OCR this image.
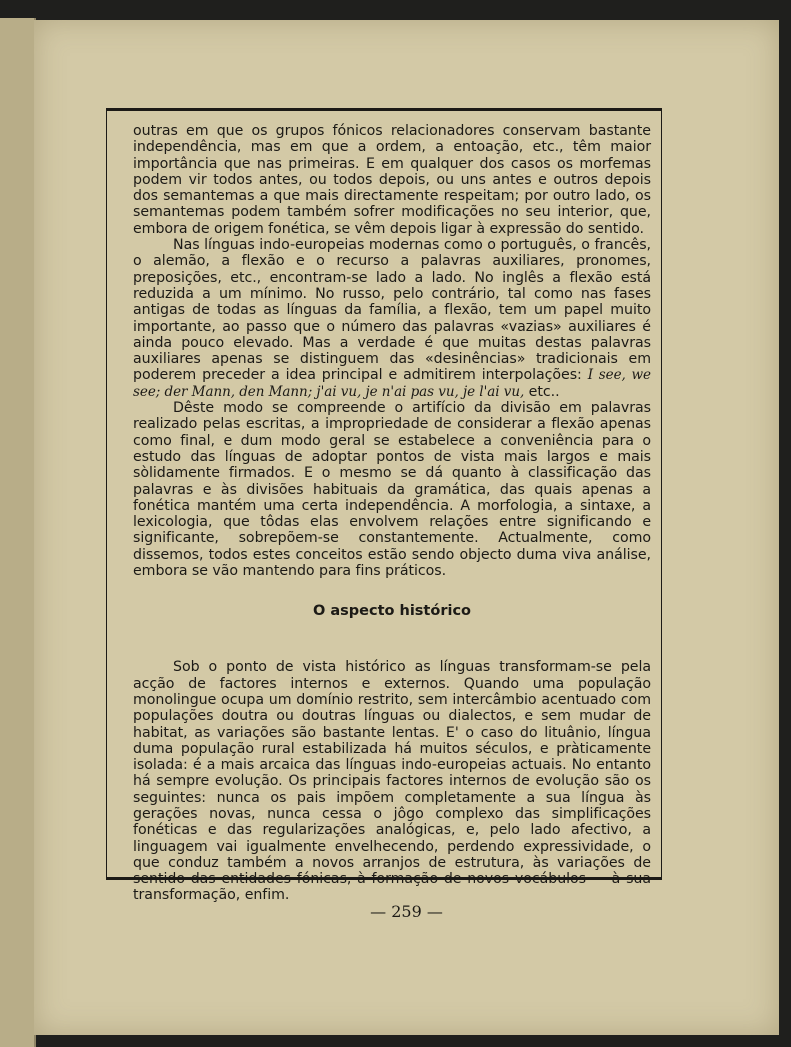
outras em que os grupos fónicos relacionadores conservam bastante independência, mas em que a ordem, a entoação, etc., têm maior importância que nas primeiras. E em qualquer dos casos os morfemas podem vir todos antes, ou todos depois, ou uns antes e outros depois dos semantemas a que mais directamente respeitam; por outro lado, os semantemas podem também sofrer modificações no seu interior, que, embora de origem fonética, se vêm depois ligar à expressão do sentido.

Nas línguas indo-europeias modernas como o português, o francês, o alemão, a flexão e o recurso a palavras auxiliares, pronomes, preposições, etc., encontram-se lado a lado. No inglês a flexão está reduzida a um mínimo. No russo, pelo contrário, tal como nas fases antigas de todas as línguas da família, a flexão, tem um papel muito importante, ao passo que o número das palavras «vazias» auxiliares é ainda pouco elevado. Mas a verdade é que muitas destas palavras auxiliares apenas se distinguem das «desinências» tradicionais em poderem preceder a idea principal e admitirem interpolações: I see, we see; der Mann, den Mann; j'ai vu, je n'ai pas vu, je l'ai vu, etc..

Dêste modo se compreende o artifício da divisão em palavras realizado pelas escritas, a impropriedade de considerar a flexão apenas como final, e dum modo geral se estabelece a conveniência para o estudo das línguas de adoptar pontos de vista mais largos e mais sòlidamente firmados. E o mesmo se dá quanto à classificação das palavras e às divisões habituais da gramática, das quais apenas a fonética mantém uma certa independência. A morfologia, a sintaxe, a lexicologia, que tôdas elas envolvem relações entre significando e significante, sobrepõem-se constantemente. Actualmente, como dissemos, todos estes conceitos estão sendo objecto duma viva análise, embora se vão mantendo para fins práticos.

O aspecto histórico

Sob o ponto de vista histórico as línguas transformam-se pela acção de factores internos e externos. Quando uma população monolingue ocupa um domínio restrito, sem intercâmbio acentuado com populações doutra ou doutras línguas ou dialectos, e sem mudar de habitat, as variações são bastante lentas. E' o caso do lituânio, língua duma população rural estabilizada há muitos séculos, e pràticamente isolada: é a mais arcaica das línguas indo-europeias actuais. No entanto há sempre evolução. Os principais factores internos de evolução são os seguintes: nunca os pais impõem completamente a sua língua às gerações novas, nunca cessa o jôgo complexo das simplificações fonéticas e das regularizações analógicas, e, pelo lado afectivo, a linguagem vai igualmente envelhecendo, perdendo expressividade, o que conduz também a novos arranjos de estrutura, às variações de sentido das entidades fónicas, à formação de novos vocábulos — à sua transformação, enfim.

— 259 —
